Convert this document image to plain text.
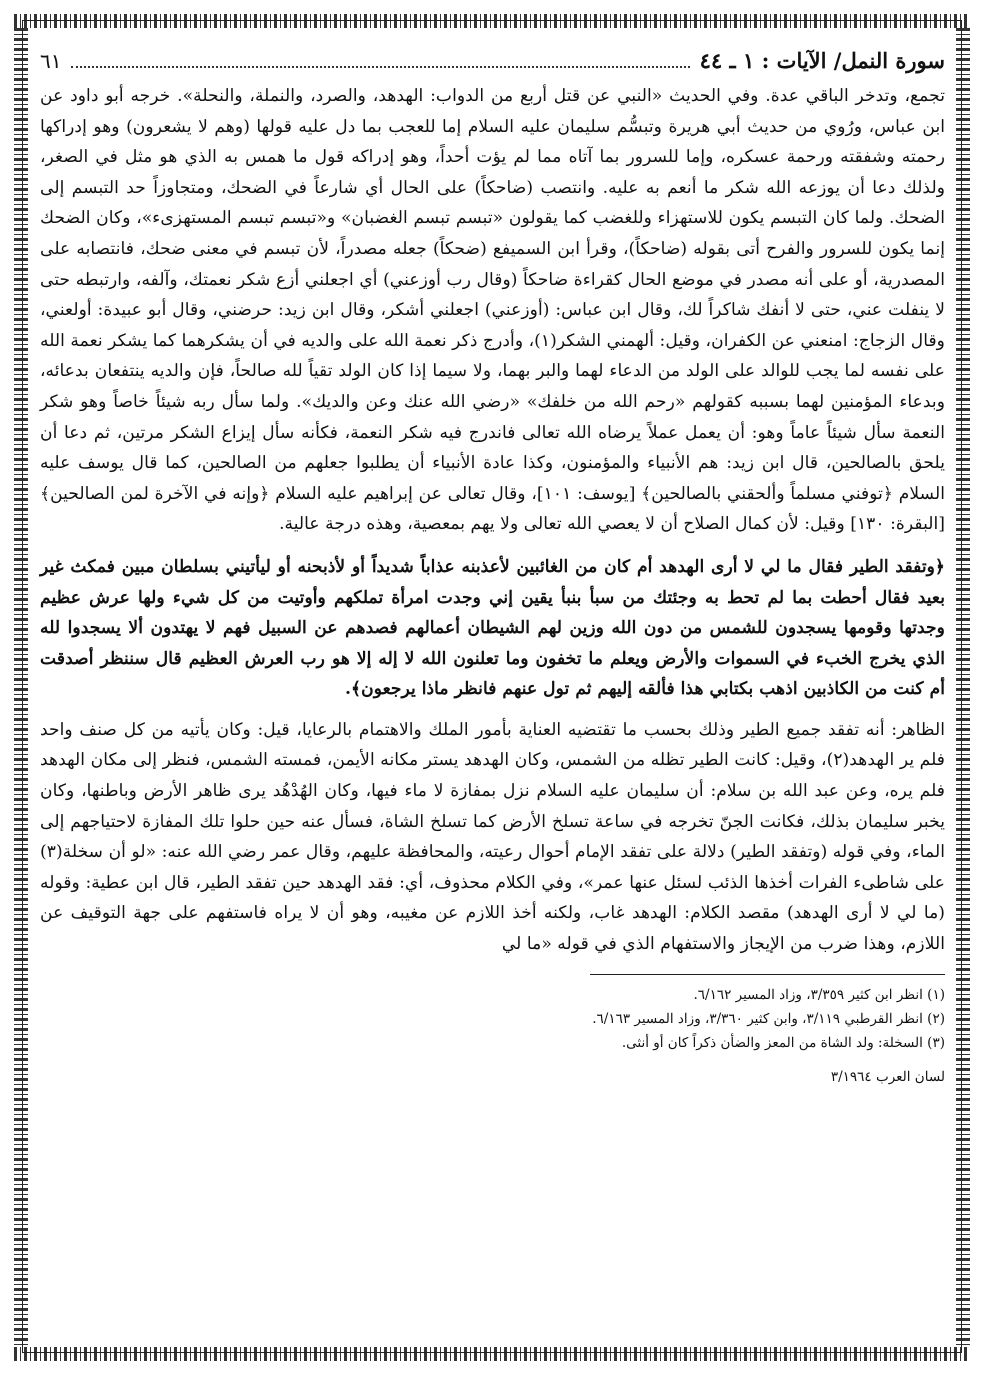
سورة النمل/ الآيات : ١ ـ ٤٤
٦١

تجمع، وتدخر الباقي عدة. وفي الحديث «النبي عن قتل أربع من الدواب: الهدهد، والصرد، والنملة، والنحلة». خرجه أبو داود عن ابن عباس، ورُوي من حديث أبي هريرة وتبسُّم سليمان عليه السلام إما للعجب بما دل عليه قولها (وهم لا يشعرون) وهو إدراكها رحمته وشفقته ورحمة عسكره، وإما للسرور بما آتاه مما لم يؤت أحداً، وهو إدراكه قول ما همس به الذي هو مثل في الصغر، ولذلك دعا أن يوزعه الله شكر ما أنعم به عليه. وانتصب (ضاحكاً) على الحال أي شارعاً في الضحك، ومتجاوزاً حد التبسم إلى الضحك. ولما كان التبسم يكون للاستهزاء وللغضب كما يقولون «تبسم تبسم الغضبان» و«تبسم تبسم المستهزىء»، وكان الضحك إنما يكون للسرور والفرح أتى بقوله (ضاحكاً)، وقرأ ابن السميفع (ضحكاً) جعله مصدراً، لأن تبسم في معنى ضحك، فانتصابه على المصدرية، أو على أنه مصدر في موضع الحال كقراءة ضاحكاً (وقال رب أوزعني) أي اجعلني أزع شكر نعمتك، وآلفه، وارتبطه حتى لا ينفلت عني، حتى لا أنفك شاكراً لك، وقال ابن عباس: (أوزعني) اجعلني أشكر، وقال ابن زيد: حرضني، وقال أبو عبيدة: أولعني، وقال الزجاج: امنعني عن الكفران، وقيل: ألهمني الشكر(١)، وأدرج ذكر نعمة الله على والديه في أن يشكرهما كما يشكر نعمة الله على نفسه لما يجب للوالد على الولد من الدعاء لهما والبر بهما، ولا سيما إذا كان الولد تقياً لله صالحاً، فإن والديه ينتفعان بدعائه، وبدعاء المؤمنين لهما بسببه كقولهم «رحم الله من خلفك» «رضي الله عنك وعن والديك». ولما سأل ربه شيئاً خاصاً وهو شكر النعمة سأل شيئاً عاماً وهو: أن يعمل عملاً يرضاه الله تعالى فاندرج فيه شكر النعمة، فكأنه سأل إيزاع الشكر مرتين، ثم دعا أن يلحق بالصالحين، قال ابن زيد: هم الأنبياء والمؤمنون، وكذا عادة الأنبياء أن يطلبوا جعلهم من الصالحين، كما قال يوسف عليه السلام ﴿توفني مسلماً وألحقني بالصالحين﴾ [يوسف: ١٠١]، وقال تعالى عن إبراهيم عليه السلام ﴿وإنه في الآخرة لمن الصالحين﴾ [البقرة: ١٣٠] وقيل: لأن كمال الصلاح أن لا يعصي الله تعالى ولا يهم بمعصية، وهذه درجة عالية.

﴿وتفقد الطير فقال ما لي لا أرى الهدهد أم كان من الغائبين لأعذبنه عذاباً شديداً أو لأذبحنه أو ليأتيني بسلطان مبين فمكث غير بعيد فقال أحطت بما لم تحط به وجئتك من سبأ بنبأ يقين إني وجدت امرأة تملكهم وأوتيت من كل شيء ولها عرش عظيم وجدتها وقومها يسجدون للشمس من دون الله وزين لهم الشيطان أعمالهم فصدهم عن السبيل فهم لا يهتدون ألا يسجدوا لله الذي يخرج الخبء في السموات والأرض ويعلم ما تخفون وما تعلنون الله لا إله إلا هو رب العرش العظيم قال سننظر أصدقت أم كنت من الكاذبين اذهب بكتابي هذا فألقه إليهم ثم تول عنهم فانظر ماذا يرجعون﴾.

الظاهر: أنه تفقد جميع الطير وذلك بحسب ما تقتضيه العناية بأمور الملك والاهتمام بالرعايا، قيل: وكان يأتيه من كل صنف واحد فلم ير الهدهد(٢)، وقيل: كانت الطير تظله من الشمس، وكان الهدهد يستر مكانه الأيمن، فمسته الشمس، فنظر إلى مكان الهدهد فلم يره، وعن عبد الله بن سلام: أن سليمان عليه السلام نزل بمفازة لا ماء فيها، وكان الهُدْهُد يرى ظاهر الأرض وباطنها، وكان يخبر سليمان بذلك، فكانت الجنّ تخرجه في ساعة تسلخ الأرض كما تسلخ الشاة، فسأل عنه حين حلوا تلك المفازة لاحتياجهم إلى الماء، وفي قوله (وتفقد الطير) دلالة على تفقد الإمام أحوال رعيته، والمحافظة عليهم، وقال عمر رضي الله عنه: «لو أن سخلة(٣) على شاطىء الفرات أخذها الذئب لسئل عنها عمر»، وفي الكلام محذوف، أي: فقد الهدهد حين تفقد الطير، قال ابن عطية: وقوله (ما لي لا أرى الهدهد) مقصد الكلام: الهدهد غاب، ولكنه أخذ اللازم عن مغيبه، وهو أن لا يراه فاستفهم على جهة التوقيف عن اللازم، وهذا ضرب من الإيجاز والاستفهام الذي في قوله «ما لي

(١) انظر ابن كثير ٣/٣٥٩، وزاد المسير ٦/١٦٢.
(٢) انظر القرطبي ٣/١١٩، وابن كثير ٣/٣٦٠، وزاد المسير ٦/١٦٣.
(٣) السخلة: ولد الشاة من المعز والضأن ذكراً كان أو أنثى.
لسان العرب ٣/١٩٦٤
